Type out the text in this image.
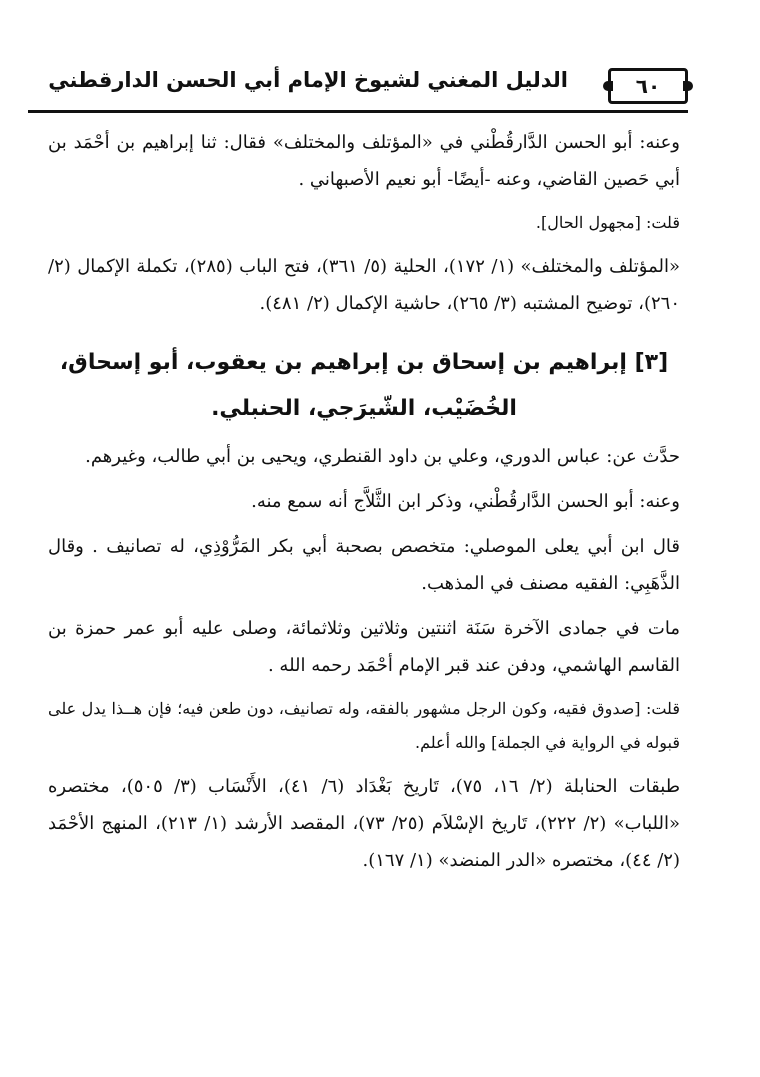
الدليل المغني لشيوخ الإمام أبي الحسن الدارقطني	٦٠

وعنه: أبو الحسن الدَّارقُطْني في «المؤتلف والمختلف» فقال: ثنا إبراهيم بن أحْمَد بن أبي حَصين القاضي، وعنه -أيضًا- أبو نعيم الأصبهاني .

قلت: [مجهول الحال].

«المؤتلف والمختلف» (١/ ١٧٢)، الحلية (٥/ ٣٦١)، فتح الباب (٢٨٥)، تكملة الإكمال (٢/ ٢٦٠)، توضيح المشتبه (٣/ ٢٦٥)، حاشية الإكمال (٢/ ٤٨١).

[٣] إبراهيم بن إسحاق بن إبراهيم بن يعقوب، أبو إسحاق، الخُضَيْب، الشّيرَجي، الحنبلي.

حدَّث عن: عباس الدوري، وعلي بن داود القنطري، ويحيى بن أبي طالب، وغيرهم.

وعنه: أبو الحسن الدَّارقُطْني، وذكر ابن الثَّلاَّج أنه سمع منه.

قال ابن أبي يعلى الموصلي: متخصص بصحبة أبي بكر المَرُّوْذِي، له تصانيف . وقال الذَّهَبِي: الفقيه مصنف في المذهب.

مات في جمادى الآخرة سَنَة اثنتين وثلاثين وثلاثمائة، وصلى عليه أبو عمر حمزة بن القاسم الهاشمي، ودفن عند قبر الإمام أحْمَد رحمه الله .

قلت: [صدوق فقيه، وكون الرجل مشهور بالفقه، وله تصانيف، دون طعن فيه؛ فإن هــذا يدل على قبوله في الرواية في الجملة] والله أعلم.

طبقات الحنابلة (٢/ ١٦، ٧٥)، تَاريخ بَغْدَاد (٦/ ٤١)، الأَنْسَاب (٣/ ٥٠٥)، مختصره «اللباب» (٢/ ٢٢٢)، تَاريخ الإسْلاَم (٢٥/ ٧٣)، المقصد الأرشد (١/ ٢١٣)، المنهج الأحْمَد (٢/ ٤٤)، مختصره «الدر المنضد» (١/ ١٦٧).
